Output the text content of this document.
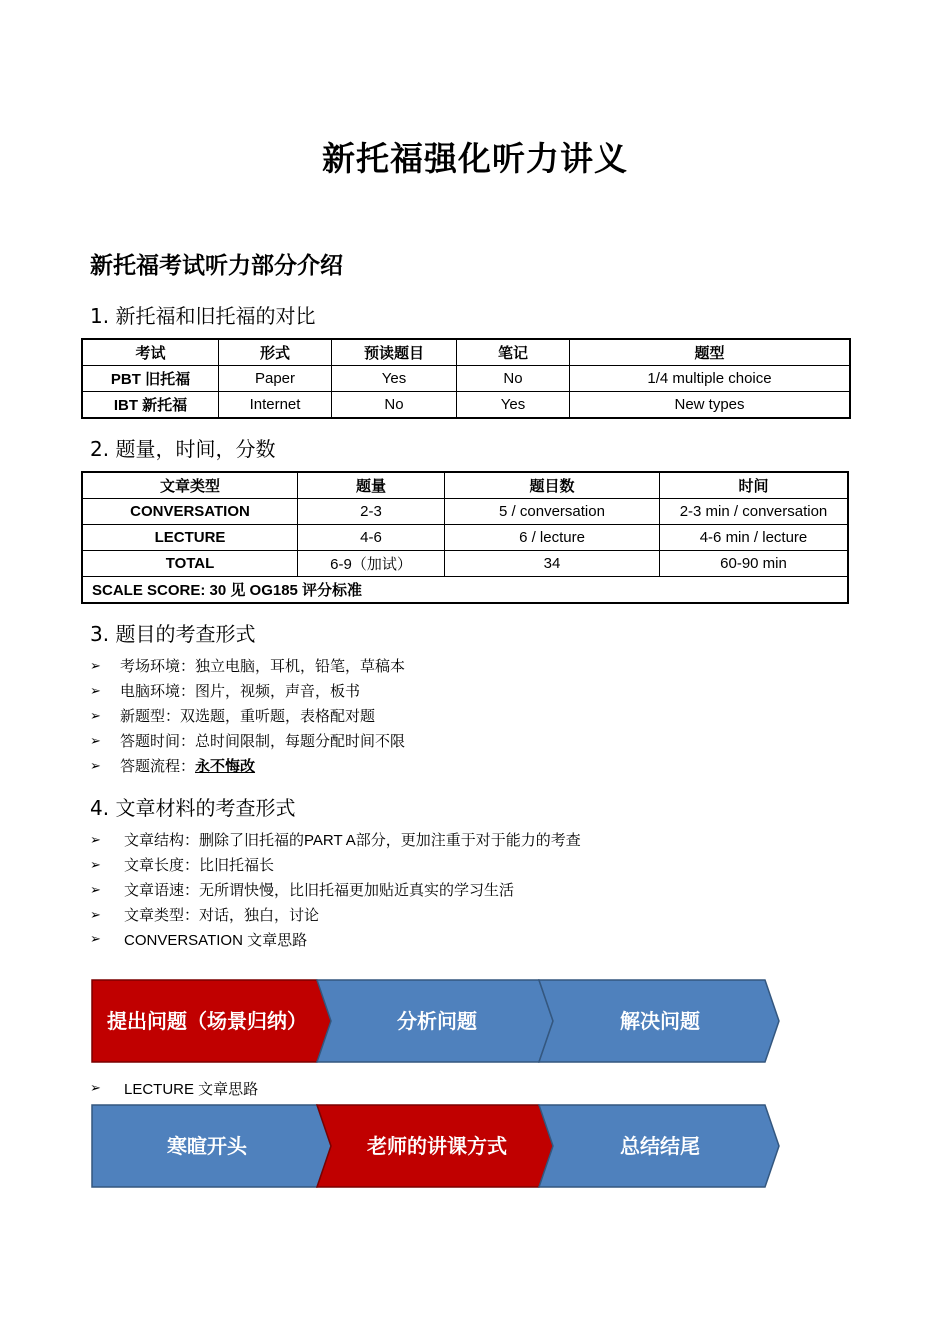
新托福强化听力讲义
新托福考试听力部分介绍
1. 新托福和旧托福的对比
考试	形式	预读题目	笔记	题型
PBT 旧托福	Paper	Yes	No	1/4 multiple choice
IBT 新托福	Internet	No	Yes	New types
2. 题量，时间，分数
文章类型	题量	题目数	时间
CONVERSATION	2-3	5 / conversation	2-3 min / conversation
LECTURE	4-6	6 / lecture	4-6 min / lecture
TOTAL	6-9（加试）	34	60-90 min
SCALE SCORE: 30 见 OG185 评分标准			
3. 题目的考查形式
➢	考场环境：独立电脑，耳机，铅笔，草稿本
➢	电脑环境：图片，视频，声音，板书
➢	新题型：双选题，重听题，表格配对题
➢	答题时间：总时间限制，每题分配时间不限
➢	答题流程： 永不悔改
4. 文章材料的考查形式
➢	文章结构：删除了旧托福的 PART A 部分，更加注重于对于能力的考查
➢	文章长度：比旧托福长
➢	文章语速：无所谓快慢，比旧托福更加贴近真实的学习生活
➢	文章类型：对话，独白，讨论
➢	CONVERSATION 文章思路
提出问题（场景归纳）	分析问题	解决问题
➢	LECTURE 文章思路
寒暄开头	老师的讲课方式	总结结尾
